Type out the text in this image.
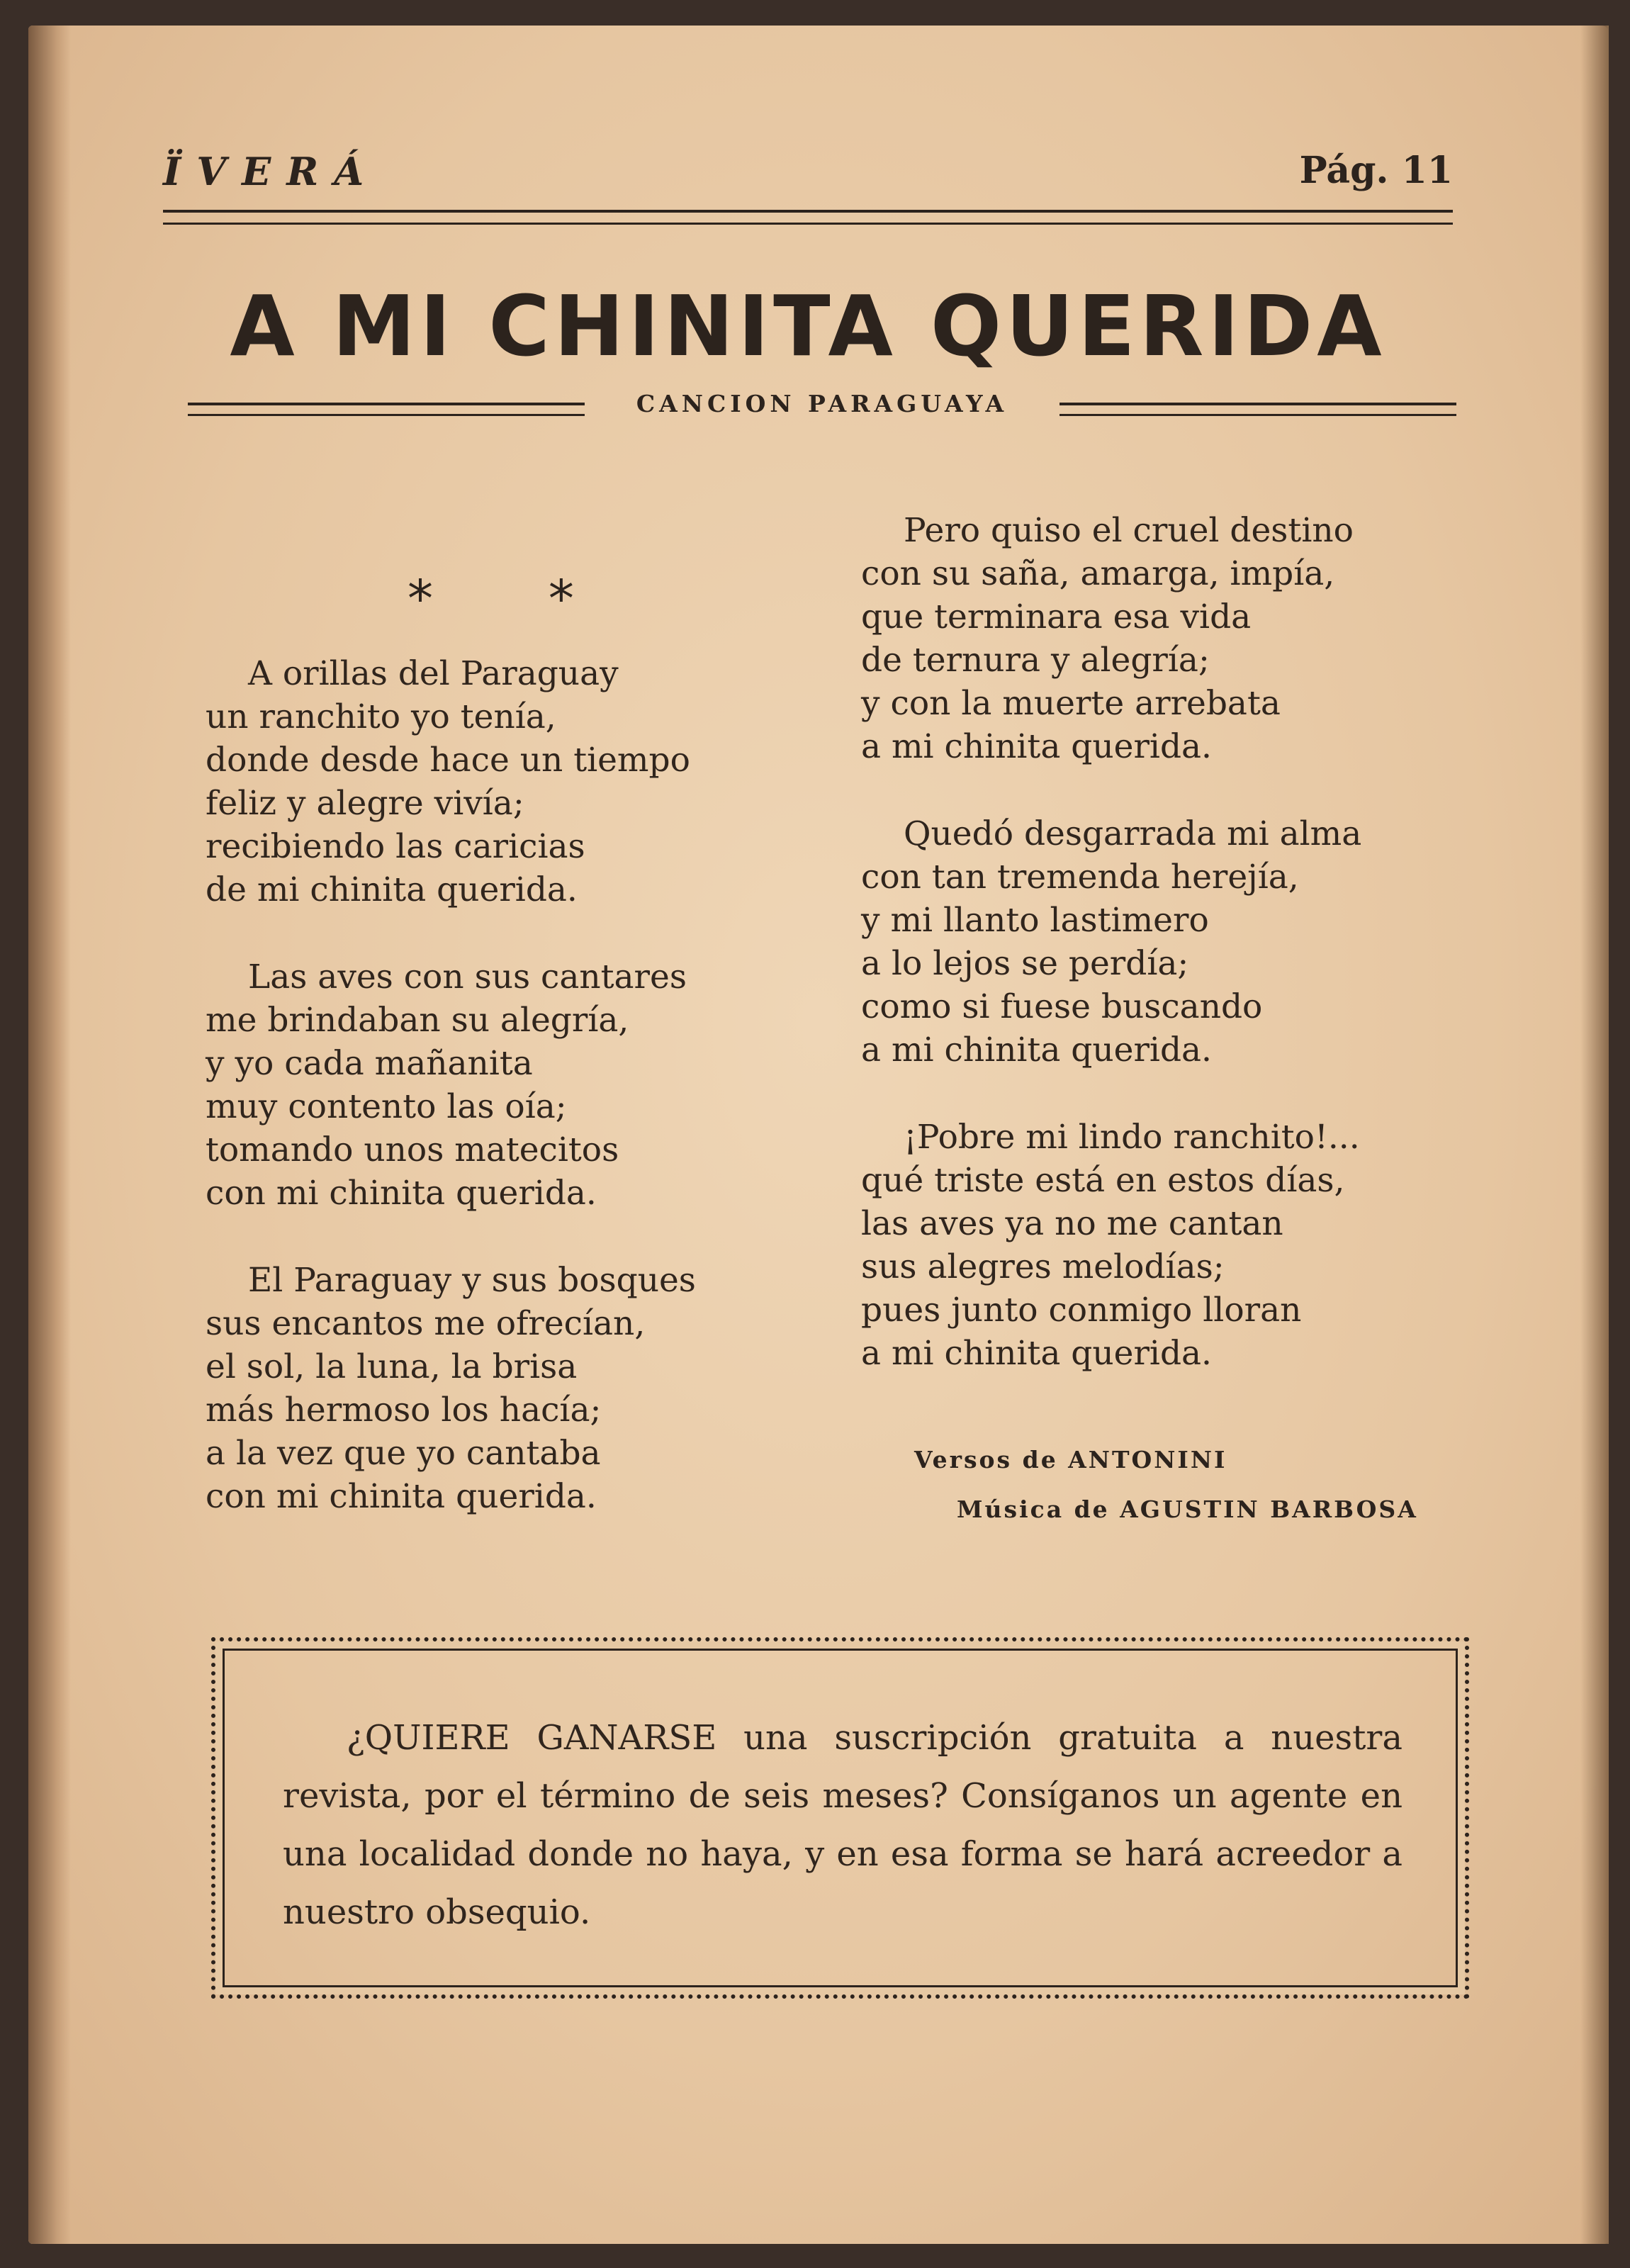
ÏVERÁ	Pág. 11
A MI CHINITA QUERIDA
CANCION PARAGUAYA
⁎ ⁎
A orillas del Paraguay
un ranchito yo tenía,
donde desde hace un tiempo
feliz y alegre vivía;
recibiendo las caricias
de mi chinita querida.
Las aves con sus cantares
me brindaban su alegría,
y yo cada mañanita
muy contento las oía;
tomando unos matecitos
con mi chinita querida.
El Paraguay y sus bosques
sus encantos me ofrecían,
el sol, la luna, la brisa
más hermoso los hacía;
a la vez que yo cantaba
con mi chinita querida.
Pero quiso el cruel destino
con su saña, amarga, impía,
que terminara esa vida
de ternura y alegría;
y con la muerte arrebata
a mi chinita querida.
Quedó desgarrada mi alma
con tan tremenda herejía,
y mi llanto lastimero
a lo lejos se perdía;
como si fuese buscando
a mi chinita querida.
¡Pobre mi lindo ranchito!...
qué triste está en estos días,
las aves ya no me cantan
sus alegres melodías;
pues junto conmigo lloran
a mi chinita querida.
Versos de ANTONINI
Música de AGUSTIN BARBOSA
¿QUIERE GANARSE una suscripción gratuita a nuestra revista, por el término de seis meses? Consíganos un agente en una localidad donde no haya, y en esa forma se hará acreedor a nuestro obsequio.
